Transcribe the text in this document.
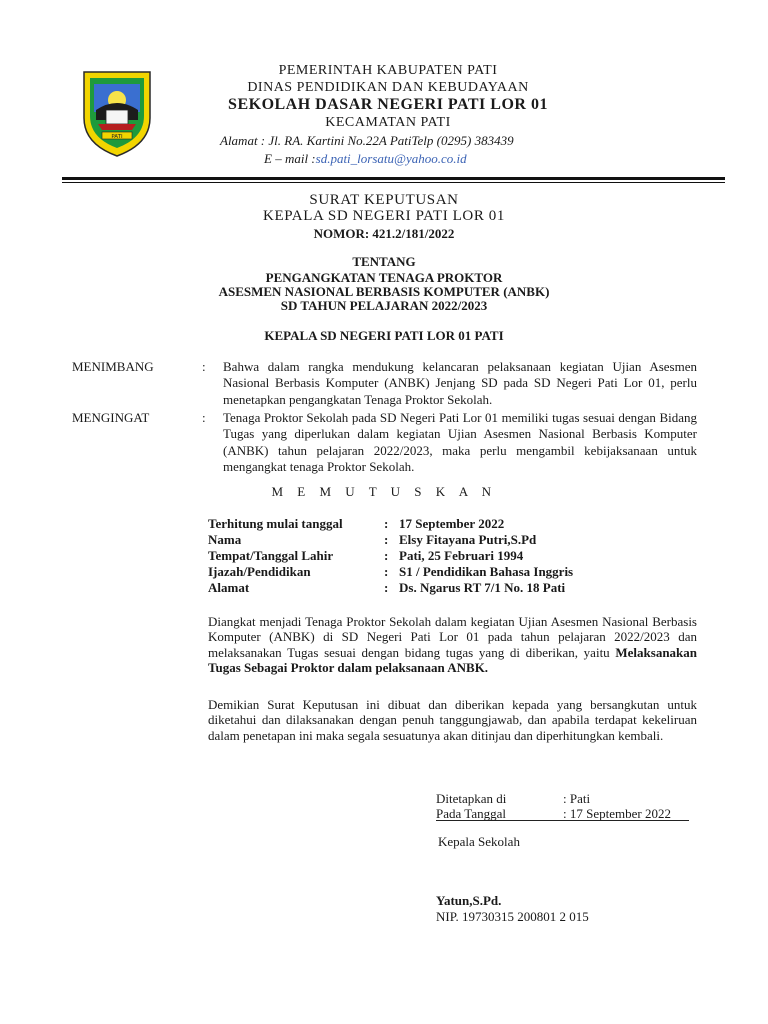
PATI
PEMERINTAH KABUPATEN PATI
DINAS PENDIDIKAN DAN KEBUDAYAAN
SEKOLAH DASAR NEGERI PATI LOR 01
KECAMATAN PATI
Alamat : Jl. RA. Kartini No.22A PatiTelp (0295) 383439
E – mail :sd.pati_lorsatu@yahoo.co.id
SURAT KEPUTUSAN
KEPALA SD NEGERI PATI LOR 01
NOMOR: 421.2/181/2022
TENTANG
PENGANGKATAN TENAGA PROKTOR
ASESMEN NASIONAL BERBASIS KOMPUTER (ANBK)
SD TAHUN PELAJARAN 2022/2023
KEPALA SD NEGERI PATI LOR 01 PATI
MENIMBANG	: Bahwa dalam rangka mendukung kelancaran pelaksanaan kegiatan Ujian Asesmen Nasional Berbasis Komputer (ANBK) Jenjang SD pada SD Negeri Pati Lor 01, perlu menetapkan pengangkatan Tenaga Proktor Sekolah.
MENGINGAT	: Tenaga Proktor Sekolah pada SD Negeri Pati Lor 01 memiliki tugas sesuai dengan Bidang Tugas yang diperlukan dalam kegiatan Ujian Asesmen Nasional Berbasis Komputer (ANBK) tahun pelajaran 2022/2023, maka perlu mengambil kebijaksanaan untuk mengangkat tenaga Proktor Sekolah.
M E M U T U S K A N
Terhitung mulai tanggal	:	17 September 2022
Nama	:	Elsy Fitayana Putri,S.Pd
Tempat/Tanggal Lahir	:	Pati, 25 Februari 1994
Ijazah/Pendidikan	:	S1 / Pendidikan Bahasa Inggris
Alamat	:	Ds. Ngarus RT 7/1 No. 18 Pati
Diangkat menjadi Tenaga Proktor Sekolah dalam kegiatan Ujian Asesmen Nasional Berbasis Komputer (ANBK) di SD Negeri Pati Lor 01 pada tahun pelajaran 2022/2023 dan melaksanakan Tugas sesuai dengan bidang tugas yang di diberikan, yaitu Melaksanakan Tugas Sebagai Proktor dalam pelaksanaan ANBK.
Demikian Surat Keputusan ini dibuat dan diberikan kepada yang bersangkutan untuk diketahui dan dilaksanakan dengan penuh tanggungjawab, dan apabila terdapat kekeliruan dalam penetapan ini maka segala sesuatunya akan ditinjau dan diperhitungkan kembali.
Ditetapkan di	: Pati
Pada Tanggal	: 17 September 2022
Kepala Sekolah
Yatun,S.Pd.
NIP. 19730315 200801 2 015
